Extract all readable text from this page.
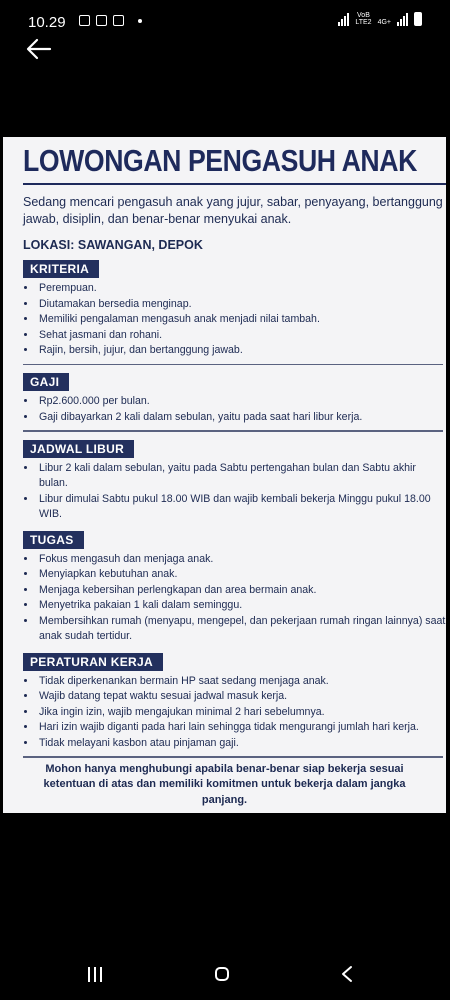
10.29	VoB
LTE2 4G+
LOWONGAN PENGASUH ANAK
Sedang mencari pengasuh anak yang jujur, sabar, penyayang, bertanggung jawab, disiplin, dan benar-benar menyukai anak.
LOKASI: SAWANGAN, DEPOK
KRITERIA
• Perempuan.
• Diutamakan bersedia menginap.
• Memiliki pengalaman mengasuh anak menjadi nilai tambah.
• Sehat jasmani dan rohani.
• Rajin, bersih, jujur, dan bertanggung jawab.
GAJI
• Rp2.600.000 per bulan.
• Gaji dibayarkan 2 kali dalam sebulan, yaitu pada saat hari libur kerja.
JADWAL LIBUR
• Libur 2 kali dalam sebulan, yaitu pada Sabtu pertengahan bulan dan Sabtu akhir bulan.
• Libur dimulai Sabtu pukul 18.00 WIB dan wajib kembali bekerja Minggu pukul 18.00 WIB.
TUGAS
• Fokus mengasuh dan menjaga anak.
• Menyiapkan kebutuhan anak.
• Menjaga kebersihan perlengkapan dan area bermain anak.
• Menyetrika pakaian 1 kali dalam seminggu.
• Membersihkan rumah (menyapu, mengepel, dan pekerjaan rumah ringan lainnya) saat anak sudah tertidur.
PERATURAN KERJA
• Tidak diperkenankan bermain HP saat sedang menjaga anak.
• Wajib datang tepat waktu sesuai jadwal masuk kerja.
• Jika ingin izin, wajib mengajukan minimal 2 hari sebelumnya.
• Hari izin wajib diganti pada hari lain sehingga tidak mengurangi jumlah hari kerja.
• Tidak melayani kasbon atau pinjaman gaji.
Mohon hanya menghubungi apabila benar-benar siap bekerja sesuai ketentuan di atas dan memiliki komitmen untuk bekerja dalam jangka panjang.
